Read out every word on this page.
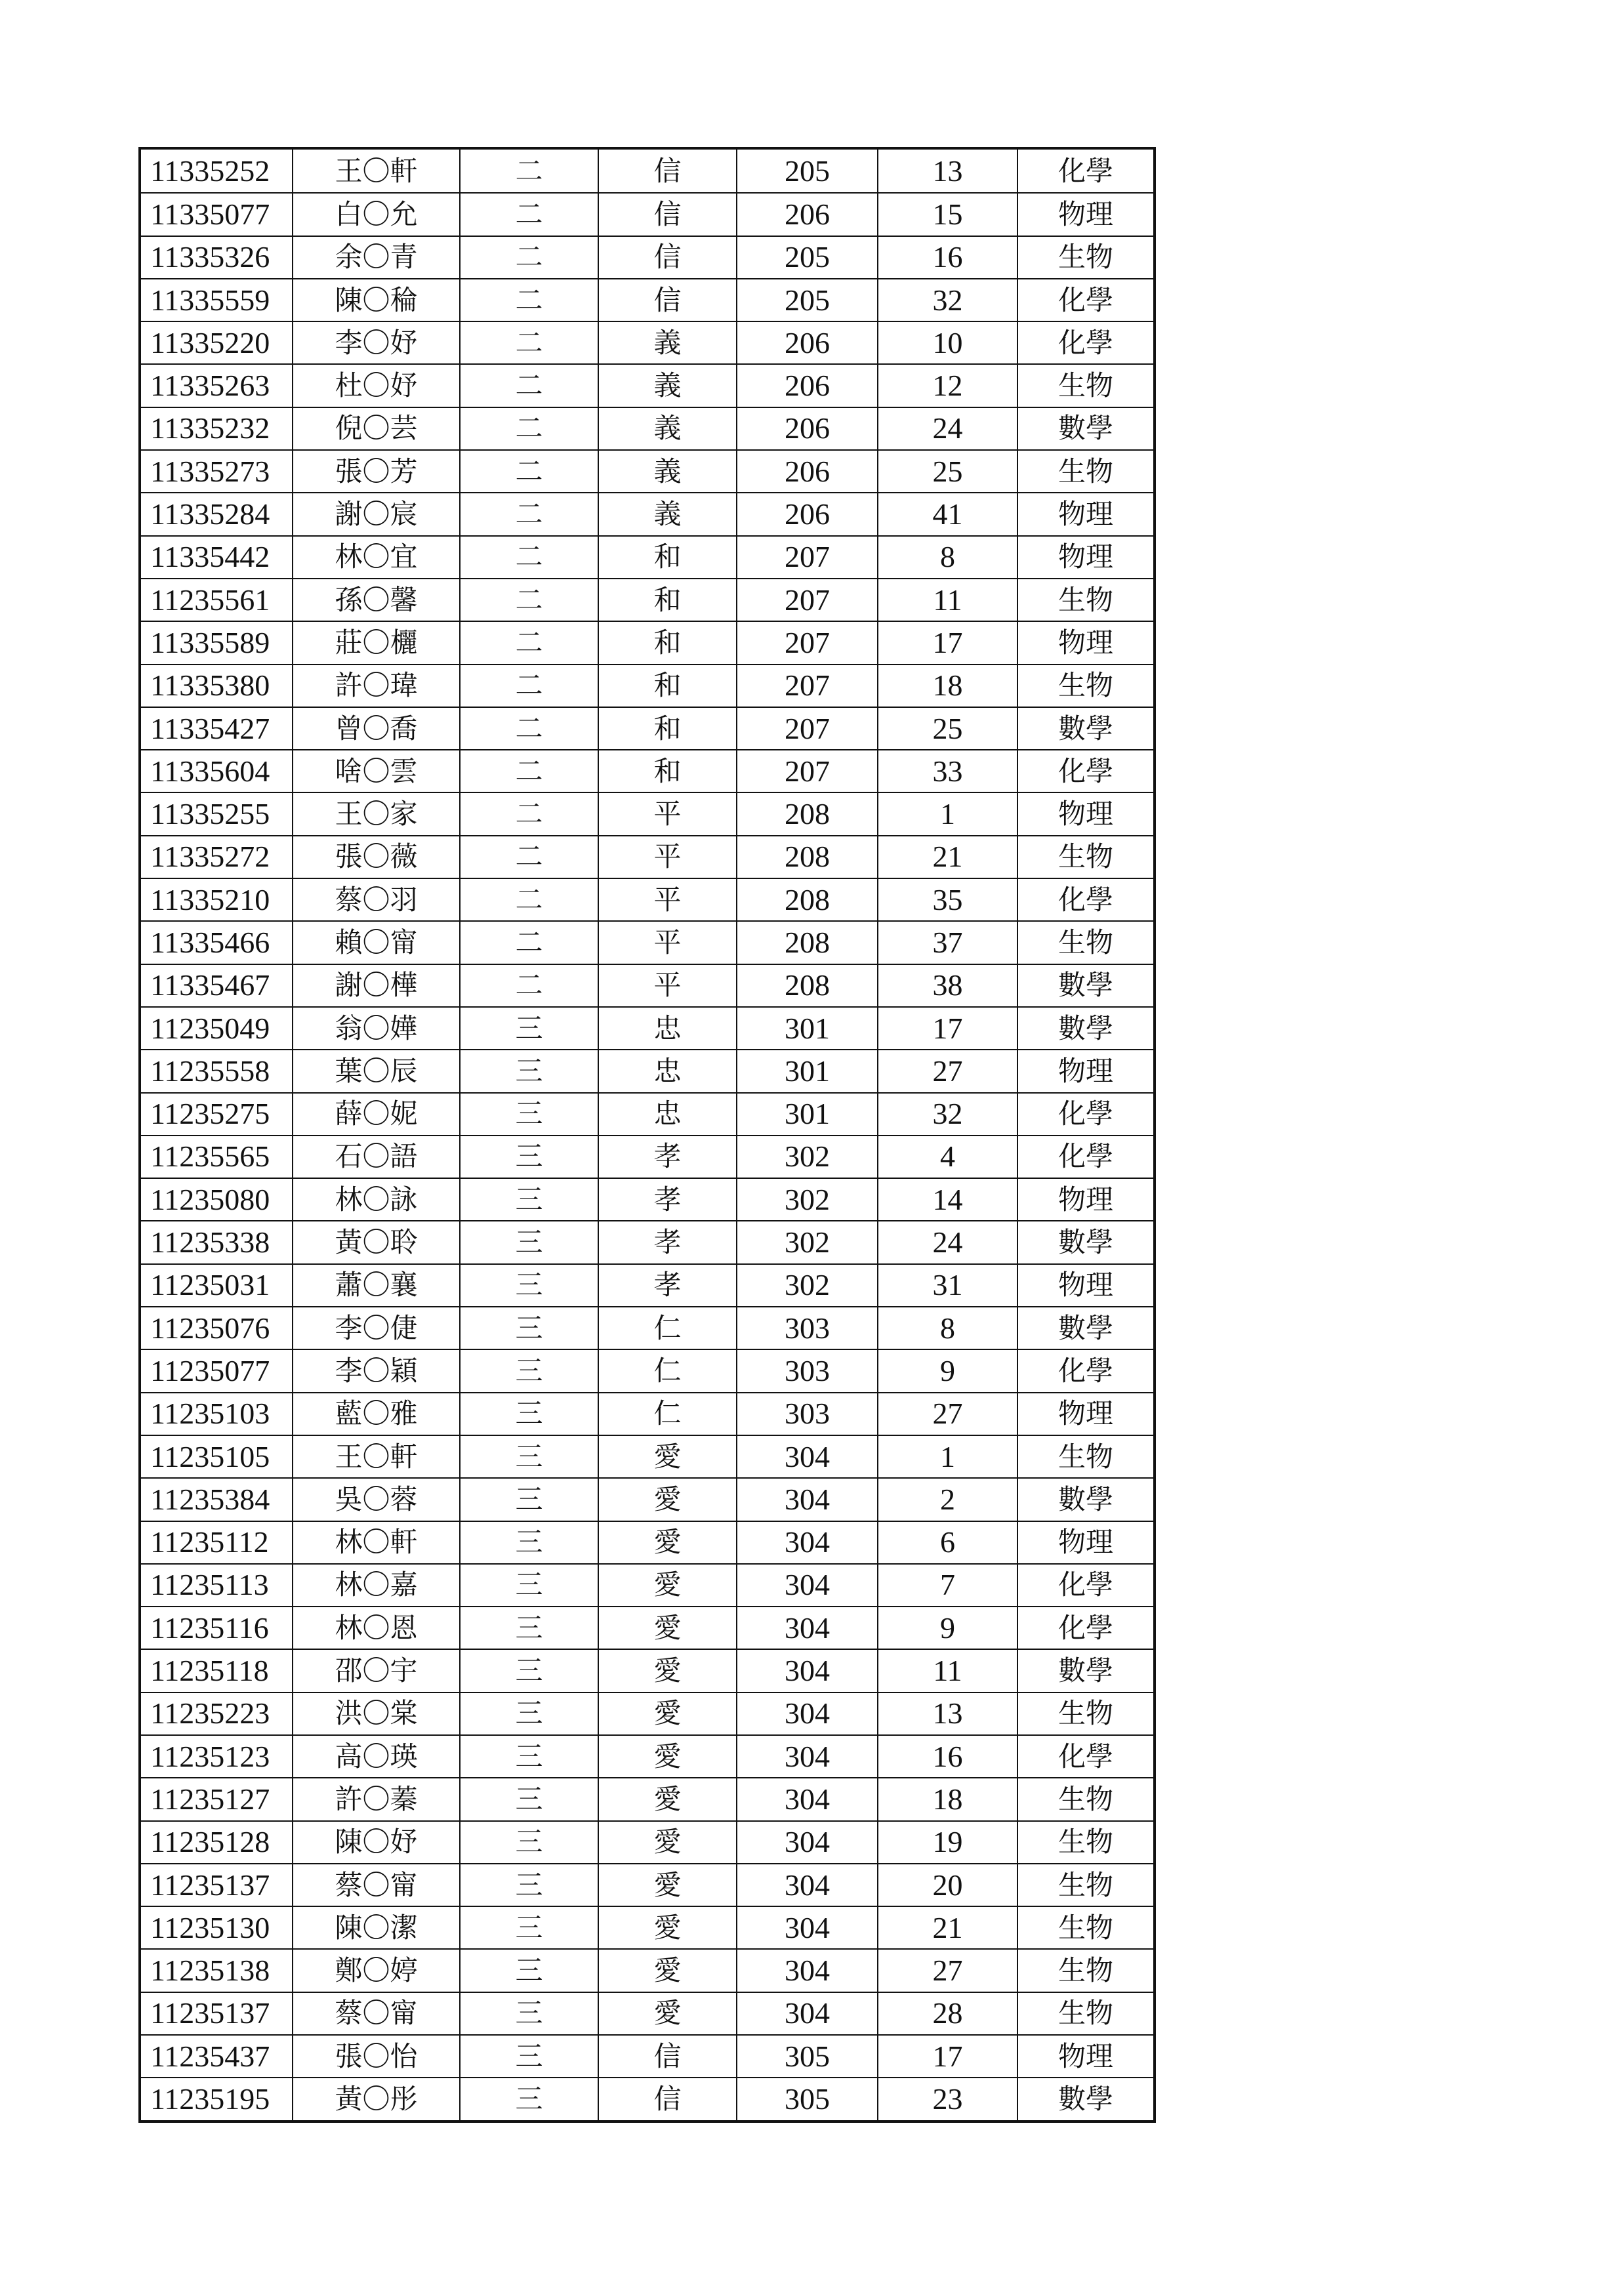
11335252	王〇軒	二	信	205	13	化學
11335077	白〇允	二	信	206	15	物理
11335326	余〇青	二	信	205	16	生物
11335559	陳〇稐	二	信	205	32	化學
11335220	李〇妤	二	義	206	10	化學
11335263	杜〇妤	二	義	206	12	生物
11335232	倪〇芸	二	義	206	24	數學
11335273	張〇芳	二	義	206	25	生物
11335284	謝〇宸	二	義	206	41	物理
11335442	林〇宜	二	和	207	8	物理
11235561	孫〇馨	二	和	207	11	生物
11335589	莊〇欐	二	和	207	17	物理
11335380	許〇瑋	二	和	207	18	生物
11335427	曾〇喬	二	和	207	25	數學
11335604	啥〇雲	二	和	207	33	化學
11335255	王〇家	二	平	208	1	物理
11335272	張〇薇	二	平	208	21	生物
11335210	蔡〇羽	二	平	208	35	化學
11335466	賴〇甯	二	平	208	37	生物
11335467	謝〇樺	二	平	208	38	數學
11235049	翁〇嬅	三	忠	301	17	數學
11235558	葉〇辰	三	忠	301	27	物理
11235275	薛〇妮	三	忠	301	32	化學
11235565	石〇語	三	孝	302	4	化學
11235080	林〇詠	三	孝	302	14	物理
11235338	黃〇聆	三	孝	302	24	數學
11235031	蕭〇襄	三	孝	302	31	物理
11235076	李〇倢	三	仁	303	8	數學
11235077	李〇穎	三	仁	303	9	化學
11235103	藍〇雅	三	仁	303	27	物理
11235105	王〇軒	三	愛	304	1	生物
11235384	吳〇蓉	三	愛	304	2	數學
11235112	林〇軒	三	愛	304	6	物理
11235113	林〇嘉	三	愛	304	7	化學
11235116	林〇恩	三	愛	304	9	化學
11235118	邵〇宇	三	愛	304	11	數學
11235223	洪〇棠	三	愛	304	13	生物
11235123	高〇瑛	三	愛	304	16	化學
11235127	許〇蓁	三	愛	304	18	生物
11235128	陳〇妤	三	愛	304	19	生物
11235137	蔡〇甯	三	愛	304	20	生物
11235130	陳〇潔	三	愛	304	21	生物
11235138	鄭〇婷	三	愛	304	27	生物
11235137	蔡〇甯	三	愛	304	28	生物
11235437	張〇怡	三	信	305	17	物理
11235195	黃〇彤	三	信	305	23	數學
